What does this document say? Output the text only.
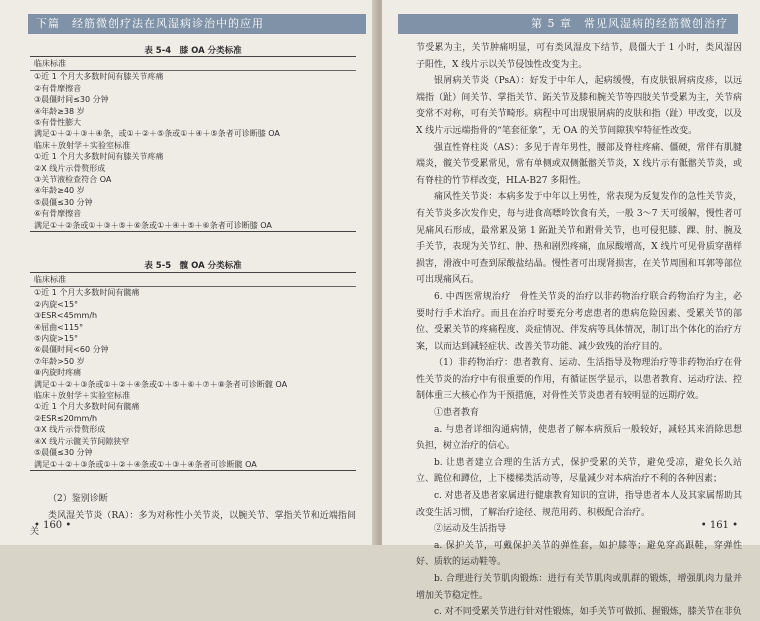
下篇　经筋微创疗法在风湿病诊治中的应用
表 5-4　膝 OA 分类标准
临床标准
①近 1 个月大多数时间有膝关节疼痛
②有骨摩擦音
③晨僵时间≤30 分钟
④年龄≥38 岁
⑤有骨性膨大
满足①＋②＋③＋④条，或①＋②＋⑤条或①＋④＋⑤条者可诊断膝 OA
临床＋放射学＋实验室标准
①近 1 个月大多数时间有膝关节疼痛
②X 线片示骨赘形成
③关节液检查符合 OA
④年龄≥40 岁
⑤晨僵≤30 分钟
⑥有骨摩擦音
满足①＋②条或①＋③＋⑤＋⑥条或①＋④＋⑤＋⑥条者可诊断膝 OA
表 5-5　髋 OA 分类标准
临床标准
①近 1 个月大多数时间有髋痛
②内旋<15°
③ESR<45mm/h
④屈曲<115°
⑤内旋>15°
⑥晨僵时间<60 分钟
⑦年龄>50 岁
⑧内旋时疼痛
满足①＋②＋③条或①＋②＋④条或①＋⑤＋⑥＋⑦＋⑧条者可诊断髋 OA
临床＋放射学＋实验室标准
①近 1 个月大多数时间有髋痛
②ESR≤20mm/h
③X 线片示骨赘形成
④X 线片示髋关节间隙狭窄
⑤晨僵≤30 分钟
满足①＋②＋③条或①＋②＋④条或①＋③＋④条者可诊断髋 OA

（2）鉴别诊断

类风湿关节炎（RA）：多为对称性小关节炎，以腕关节、掌指关节和近端指间关

• 160 •
第 5 章　常见风湿病的经筋微创治疗

节受累为主，关节肿痛明显，可有类风湿皮下结节，晨僵大于 1 小时，类风湿因子阳性，X 线片示以关节侵蚀性改变为主。

银屑病关节炎（PsA）：好发于中年人，起病缓慢，有皮肤银屑病皮疹，以远端指（趾）间关节、掌指关节、跖关节及膝和腕关节等四肢关节受累为主，关节病变常不对称，可有关节畸形。病程中可出现银屑病的皮肤和指（趾）甲改变，以及 X 线片示远端指骨的“笔套征象”，无 OA 的关节间隙狭窄特征性改变。

强直性脊柱炎（AS）：多见于青年男性，腰部及脊柱疼痛、僵硬，常伴有肌腱端炎，髋关节受累常见，常有单侧或双侧骶髂关节炎，X 线片示有骶髂关节炎，或有脊柱的竹节样改变，HLA-B27 多阳性。

痛风性关节炎：本病多发于中年以上男性，常表现为反复发作的急性关节炎，有关节炎多次发作史，每与进食高嘌呤饮食有关，一般 3～7 天可缓解，慢性者可见痛风石形成，最常累及第 1 跖趾关节和跗骨关节，也可侵犯膝、踝、肘、腕及手关节，表现为关节红、肿、热和剧烈疼痛，血尿酸增高，X 线片可见骨质穿凿样损害，滑液中可查到尿酸盐结晶。慢性者可出现肾损害，在关节周围和耳郭等部位可出现痛风石。

6. 中西医常规治疗　骨性关节炎的治疗以非药物治疗联合药物治疗为主，必要时行手术治疗。而且在治疗时要充分考虑患者的患病危险因素、受累关节的部位、受累关节的疼痛程度、炎症情况、伴发病等具体情况，制订出个体化的治疗方案，以而达到减轻症状、改善关节功能、减少致残的治疗目的。

（1）非药物治疗：患者教育、运动、生活指导及物理治疗等非药物治疗在骨性关节炎的治疗中有很重要的作用，有循证医学显示，以患者教育、运动疗法、控制体重三大核心作为干预措施，对骨性关节炎患者有较明显的远期疗效。

①患者教育

a. 与患者详细沟通病情，使患者了解本病预后一般较好，减轻其来消除思想负担，树立治疗的信心。

b. 让患者建立合理的生活方式，保护受累的关节，避免受凉，避免长久站立、跪位和蹲位，上下楼梯类活动等，尽量减少对本病治疗不利的各种因素；

c. 对患者及患者家属进行健康教育知识的宣讲，指导患者本人及其家属帮助其改变生活习惯，了解治疗途径、规范用药、积极配合治疗。

②运动及生活指导

a. 保护关节，可戴保护关节的弹性套，如护膝等；避免穿高跟鞋，穿弹性好、质软的运动鞋等。

b. 合理进行关节肌肉锻炼：进行有关节肌肉或肌群的锻炼，增强肌肉力量并增加关节稳定性。

c. 对不同受累关节进行针对性锻炼，如手关节可做抓、握锻炼，膝关节在非负

• 161 •
